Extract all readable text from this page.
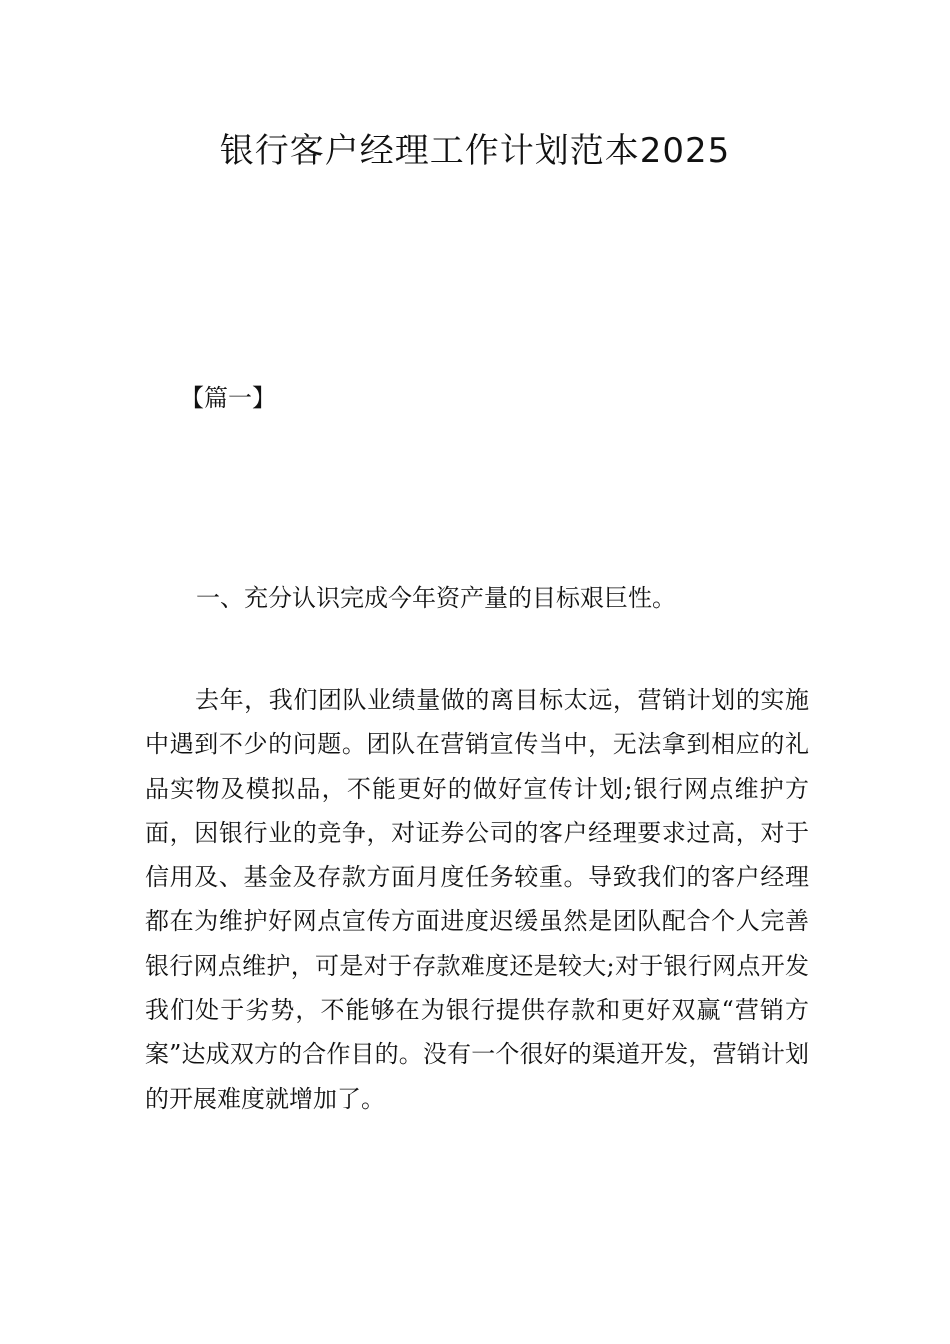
银行客户经理工作计划范本2025

【篇一】

一、充分认识完成今年资产量的目标艰巨性。

去年，我们团队业绩量做的离目标太远，营销计划的实施中遇到不少的问题。团队在营销宣传当中，无法拿到相应的礼品实物及模拟品，不能更好的做好宣传计划;银行网点维护方面，因银行业的竞争，对证券公司的客户经理要求过高，对于信用及、基金及存款方面月度任务较重。导致我们的客户经理都在为维护好网点宣传方面进度迟缓虽然是团队配合个人完善银行网点维护，可是对于存款难度还是较大;对于银行网点开发我们处于劣势，不能够在为银行提供存款和更好双赢“营销方案”达成双方的合作目的。没有一个很好的渠道开发，营销计划的开展难度就增加了。
